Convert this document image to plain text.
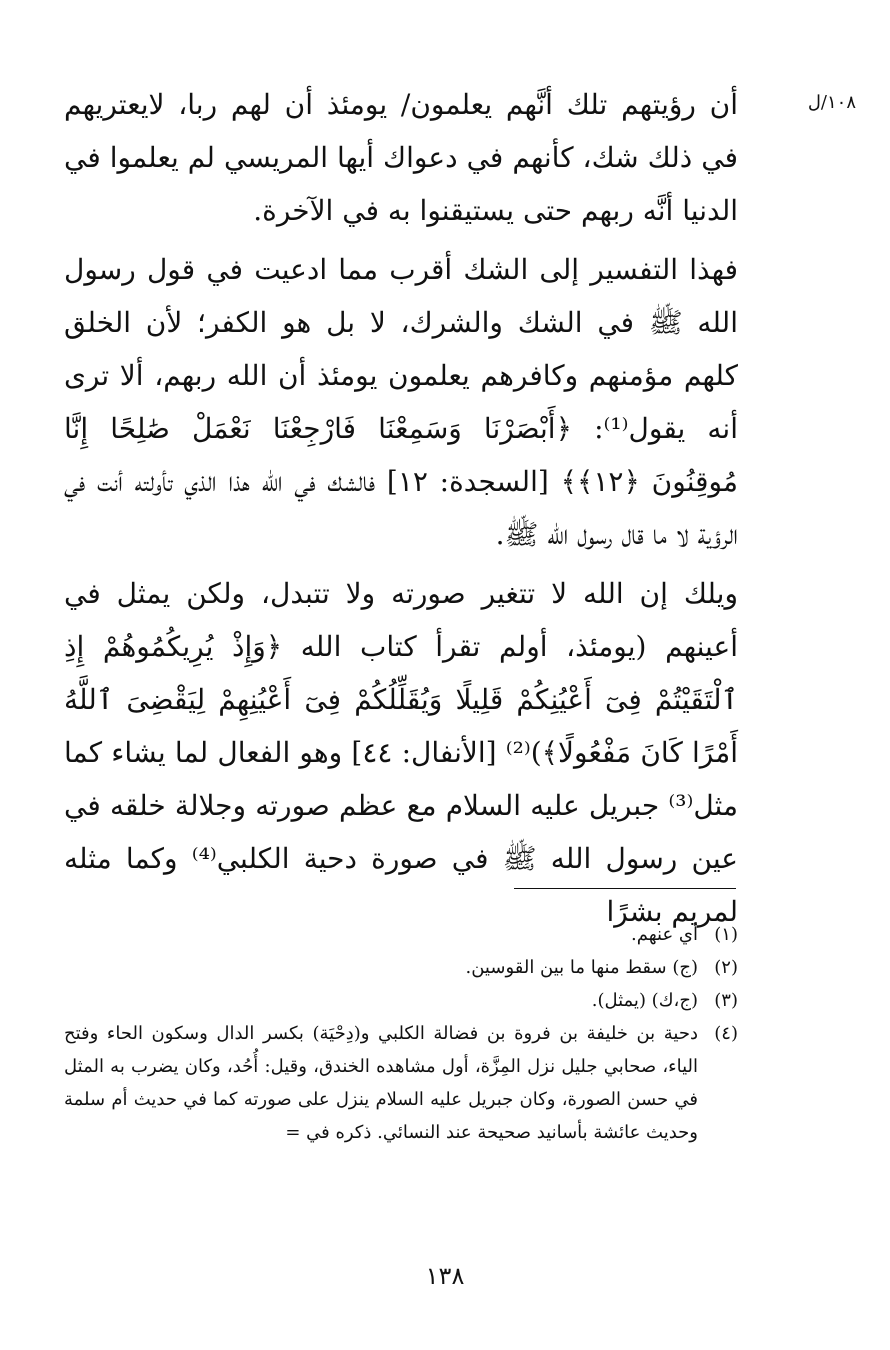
١٠٨/ل

أن رؤيتهم تلك أنَّهم يعلمون/ يومئذ أن لهم ربا، لايعتريهم في ذلك شك، كأنهم في دعواك أيها المريسي لم يعلموا في الدنيا أنَّه ربهم حتى يستيقنوا به في الآخرة.

فهذا التفسير إلى الشك أقرب مما ادعيت في قول رسول الله ﷺ في الشك والشرك، لا بل هو الكفر؛ لأن الخلق كلهم مؤمنهم وكافرهم يعلمون يومئذ أن الله ربهم، ألا ترى أنه يقول⁽¹⁾: ﴿أَبْصَرْنَا وَسَمِعْنَا فَارْجِعْنَا نَعْمَلْ صَٰلِحًا إِنَّا مُوقِنُونَ ﴿١٢﴾﴾ [السجدة: ١٢] فالشك في الله هذا الذي تأولته أنت في الرؤية لا ما قال رسول الله ﷺ.

ويلك إن الله لا تتغير صورته ولا تتبدل، ولكن يمثل في أعينهم (يومئذ، أولم تقرأ كتاب الله ﴿وَإِذْ يُرِيكُمُوهُمْ إِذِ ٱلْتَقَيْتُمْ فِىٓ أَعْيُنِكُمْ قَلِيلًا وَيُقَلِّلُكُمْ فِىٓ أَعْيُنِهِمْ لِيَقْضِىَ ٱللَّهُ أَمْرًا كَانَ مَفْعُولًا﴾)⁽²⁾ [الأنفال: ٤٤] وهو الفعال لما يشاء كما مثل⁽³⁾ جبريل عليه السلام مع عظم صورته وجلالة خلقه في عين رسول الله ﷺ في صورة دحية الكلبي⁽⁴⁾ وكما مثله لمريم بشرًا

(١)
أي عنهم.
(٢)
(ج) سقط منها ما بين القوسين.
(٣)
(ج،ك) (يمثل).
(٤)
دحية بن خليفة بن فروة بن فضالة الكلبي و(دِحْيَة) بكسر الدال وسكون الحاء وفتح الياء، صحابي جليل نزل المِزَّة، أول مشاهده الخندق، وقيل: أُحُد، وكان يضرب به المثل في حسن الصورة، وكان جبريل عليه السلام ينزل على صورته كما في حديث أم سلمة وحديث عائشة بأسانيد صحيحة عند النسائي. ذكره في =
١٣٨
